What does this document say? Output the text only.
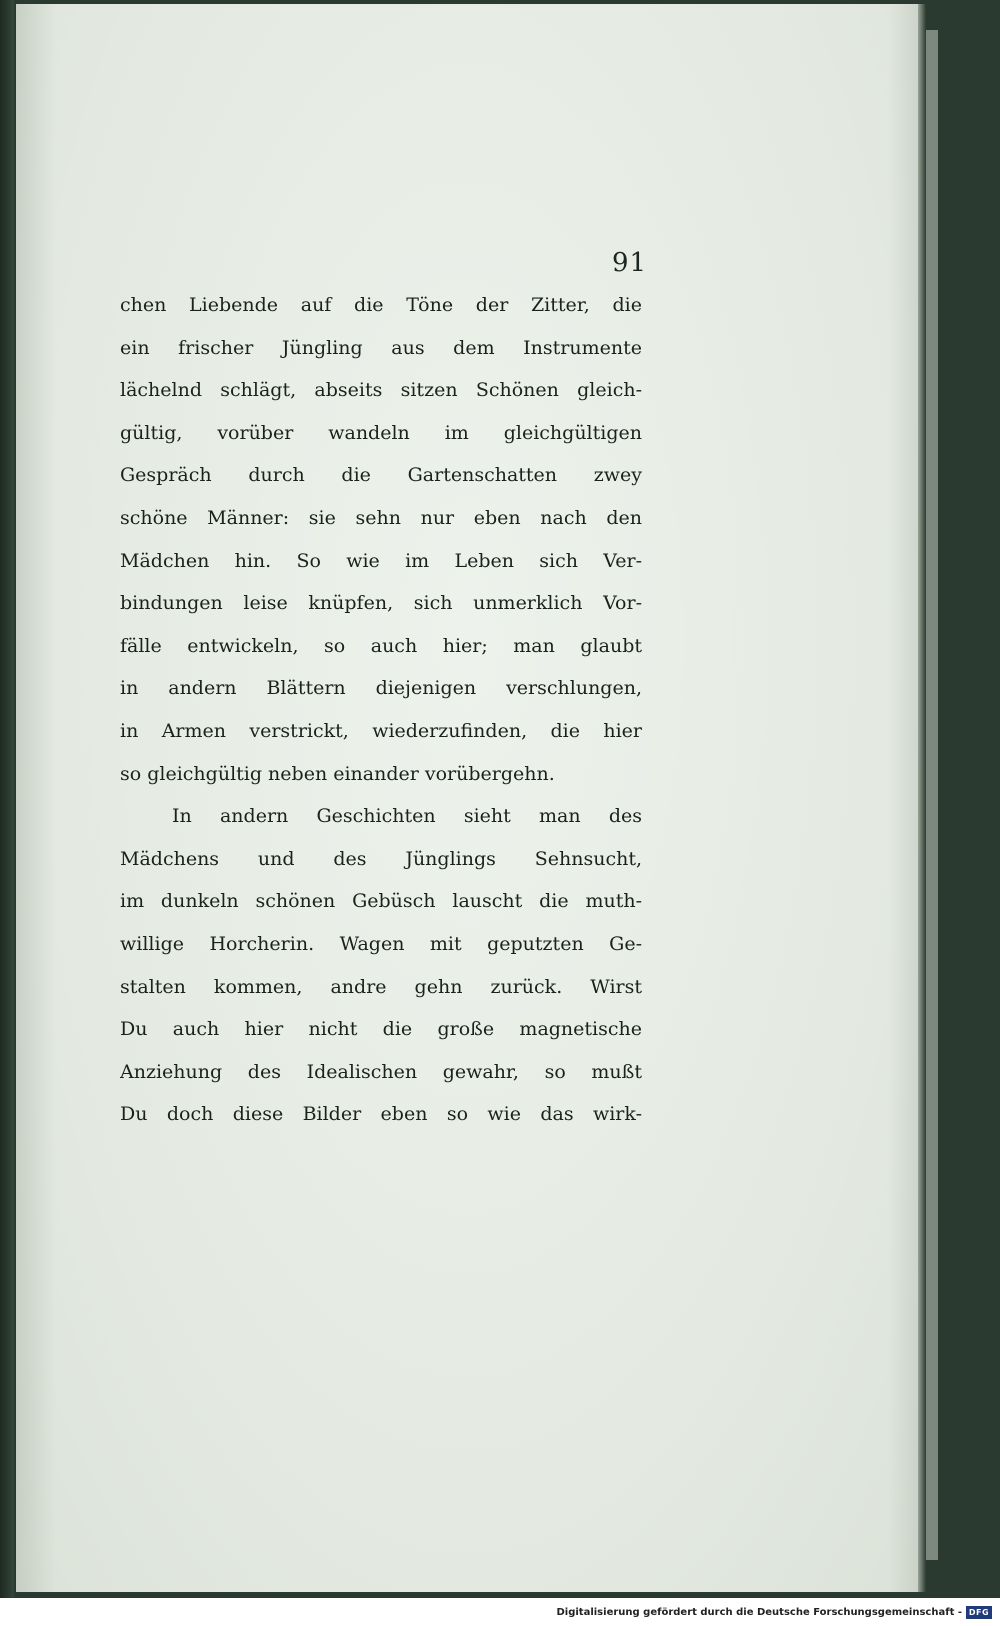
91
chen Liebende auf die Töne der Zitter, die
ein frischer Jüngling aus dem Instrumente
lächelnd schlägt, abseits sitzen Schönen gleich-
gültig, vorüber wandeln im gleichgültigen
Gespräch durch die Gartenschatten zwey
schöne Männer: sie sehn nur eben nach den
Mädchen hin. So wie im Leben sich Ver-
bindungen leise knüpfen, sich unmerklich Vor-
fälle entwickeln, so auch hier; man glaubt
in andern Blättern diejenigen verschlungen,
in Armen verstrickt, wiederzufinden, die hier
so gleichgültig neben einander vorübergehn.
In andern Geschichten sieht man des
Mädchens und des Jünglings Sehnsucht,
im dunkeln schönen Gebüsch lauscht die muth-
willige Horcherin. Wagen mit geputzten Ge-
stalten kommen, andre gehn zurück. Wirst
Du auch hier nicht die große magnetische
Anziehung des Idealischen gewahr, so mußt
Du doch diese Bilder eben so wie das wirk-
Digitalisierung gefördert durch die Deutsche Forschungsgemeinschaft - DFG
